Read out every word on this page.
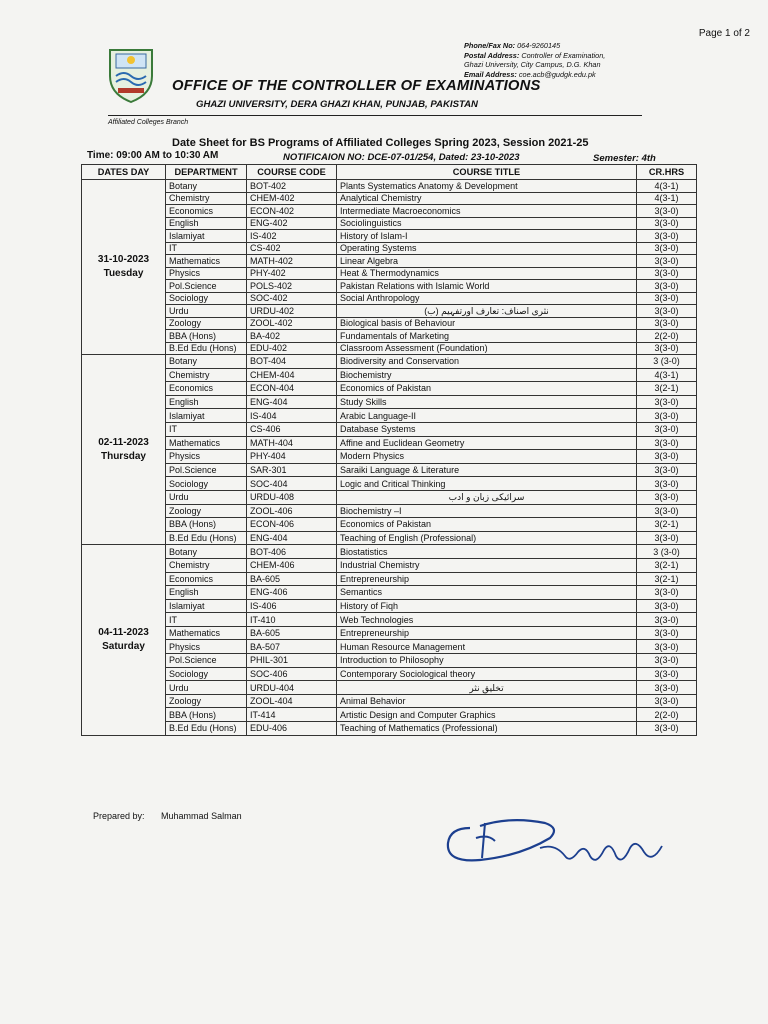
Page 1 of 2
Phone/Fax No: 064-9260145
Postal Address: Controller of Examination,
Ghazi University, City Campus, D.G. Khan
Email Address: coe.acb@gudgk.edu.pk
OFFICE OF THE CONTROLLER OF EXAMINATIONS
GHAZI UNIVERSITY, DERA GHAZI KHAN, PUNJAB, PAKISTAN
Affiliated Colleges Branch
Date Sheet for BS Programs of Affiliated Colleges Spring 2023, Session 2021-25
Time: 09:00 AM to 10:30 AM	NOTIFICAION NO: DCE-07-01/254, Dated: 23-10-2023	Semester: 4th
DATES DAY	DEPARTMENT	COURSE CODE	COURSE TITLE	CR.HRS

31-10-2023
Tuesday	Botany	BOT-402	Plants Systematics Anatomy & Development	4(3-1)
	Chemistry	CHEM-402	Analytical Chemistry	4(3-1)
	Economics	ECON-402	Intermediate Macroeconomics	3(3-0)
	English	ENG-402	Sociolinguistics	3(3-0)
	Islamiyat	IS-402	History of Islam-I	3(3-0)
	IT	CS-402	Operating Systems	3(3-0)
	Mathematics	MATH-402	Linear Algebra	3(3-0)
	Physics	PHY-402	Heat & Thermodynamics	3(3-0)
	Pol.Science	POLS-402	Pakistan Relations with Islamic World	3(3-0)
	Sociology	SOC-402	Social Anthropology	3(3-0)
	Urdu	URDU-402	نثری اصناف: تعارف اورتفہیم (ب)	3(3-0)
	Zoology	ZOOL-402	Biological basis of Behaviour	3(3-0)
	BBA (Hons)	BA-402	Fundamentals of Marketing	2(2-0)
	B.Ed Edu (Hons)	EDU-402	Classroom Assessment (Foundation)	3(3-0)

02-11-2023
Thursday	Botany	BOT-404	Biodiversity and Conservation	3 (3-0)
	Chemistry	CHEM-404	Biochemistry	4(3-1)
	Economics	ECON-404	Economics of Pakistan	3(2-1)
	English	ENG-404	Study Skills	3(3-0)
	Islamiyat	IS-404	Arabic Language-II	3(3-0)
	IT	CS-406	Database Systems	3(3-0)
	Mathematics	MATH-404	Affine and Euclidean Geometry	3(3-0)
	Physics	PHY-404	Modern Physics	3(3-0)
	Pol.Science	SAR-301	Saraiki Language & Literature	3(3-0)
	Sociology	SOC-404	Logic and Critical Thinking	3(3-0)
	Urdu	URDU-408	سرائیکی زبان و ادب	3(3-0)
	Zoology	ZOOL-406	Biochemistry –I	3(3-0)
	BBA (Hons)	ECON-406	Economics of Pakistan	3(2-1)
	B.Ed Edu (Hons)	ENG-404	Teaching of English (Professional)	3(3-0)

04-11-2023
Saturday	Botany	BOT-406	Biostatistics	3 (3-0)
	Chemistry	CHEM-406	Industrial Chemistry	3(2-1)
	Economics	BA-605	Entrepreneurship	3(2-1)
	English	ENG-406	Semantics	3(3-0)
	Islamiyat	IS-406	History of Fiqh	3(3-0)
	IT	IT-410	Web Technologies	3(3-0)
	Mathematics	BA-605	Entrepreneurship	3(3-0)
	Physics	BA-507	Human Resource Management	3(3-0)
	Pol.Science	PHIL-301	Introduction to Philosophy	3(3-0)
	Sociology	SOC-406	Contemporary Sociological theory	3(3-0)
	Urdu	URDU-404	تخلیقِ نثر	3(3-0)
	Zoology	ZOOL-404	Animal Behavior	3(3-0)
	BBA (Hons)	IT-414	Artistic Design and Computer Graphics	2(2-0)
	B.Ed Edu (Hons)	EDU-406	Teaching of Mathematics (Professional)	3(3-0)
Prepared by: Muhammad Salman
